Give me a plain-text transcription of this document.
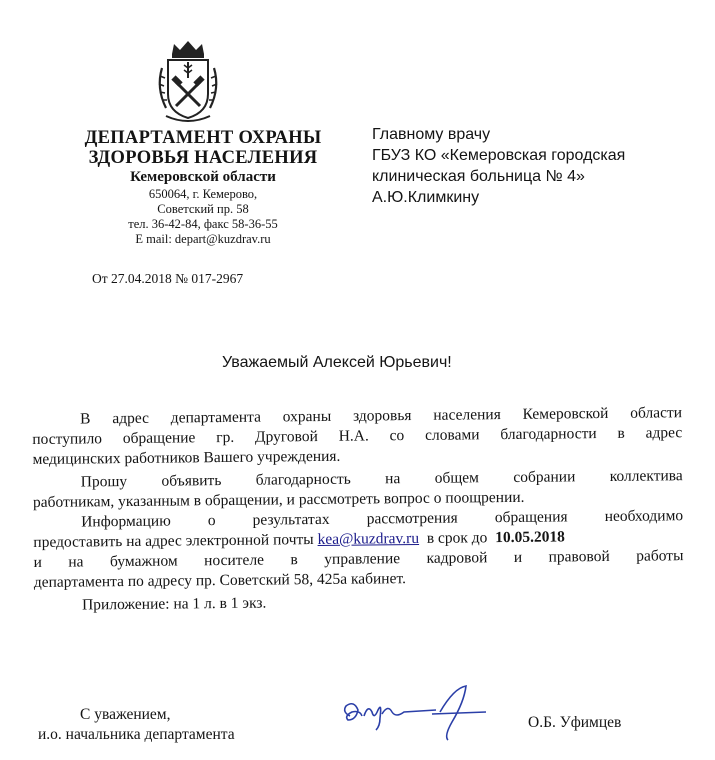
ДЕПАРТАМЕНТ ОХРАНЫ
ЗДОРОВЬЯ НАСЕЛЕНИЯ
Кемеровской области
650064, г. Кемерово,
Советский пр. 58
тел. 36-42-84, факс 58-36-55
E mail: depart@kuzdrav.ru
От 27.04.2018 № 017-2967
Главному врачу
ГБУЗ КО «Кемеровская городская
клиническая больница № 4»
А.Ю.Климкину
Уважаемый Алексей Юрьевич!
В адрес департамента охраны здоровья населения Кемеровской области
поступило обращение гр. Друговой Н.А. со словами благодарности в адрес
медицинских работников Вашего учреждения.
Прошу объявить благодарность на общем собрании коллектива
работникам, указанным в обращении, и рассмотреть вопрос о поощрении.
Информацию о результатах рассмотрения обращения необходимо
предоставить на адрес электронной почты
kea@kuzdrav.ru
в срок до
10.05.2018
и на бумажном носителе в управление кадровой и правовой работы
департамента по адресу пр. Советский 58, 425а кабинет.
Приложение: на 1 л. в 1 экз.
С уважением,
и.о. начальника департамента
О.Б. Уфимцев
